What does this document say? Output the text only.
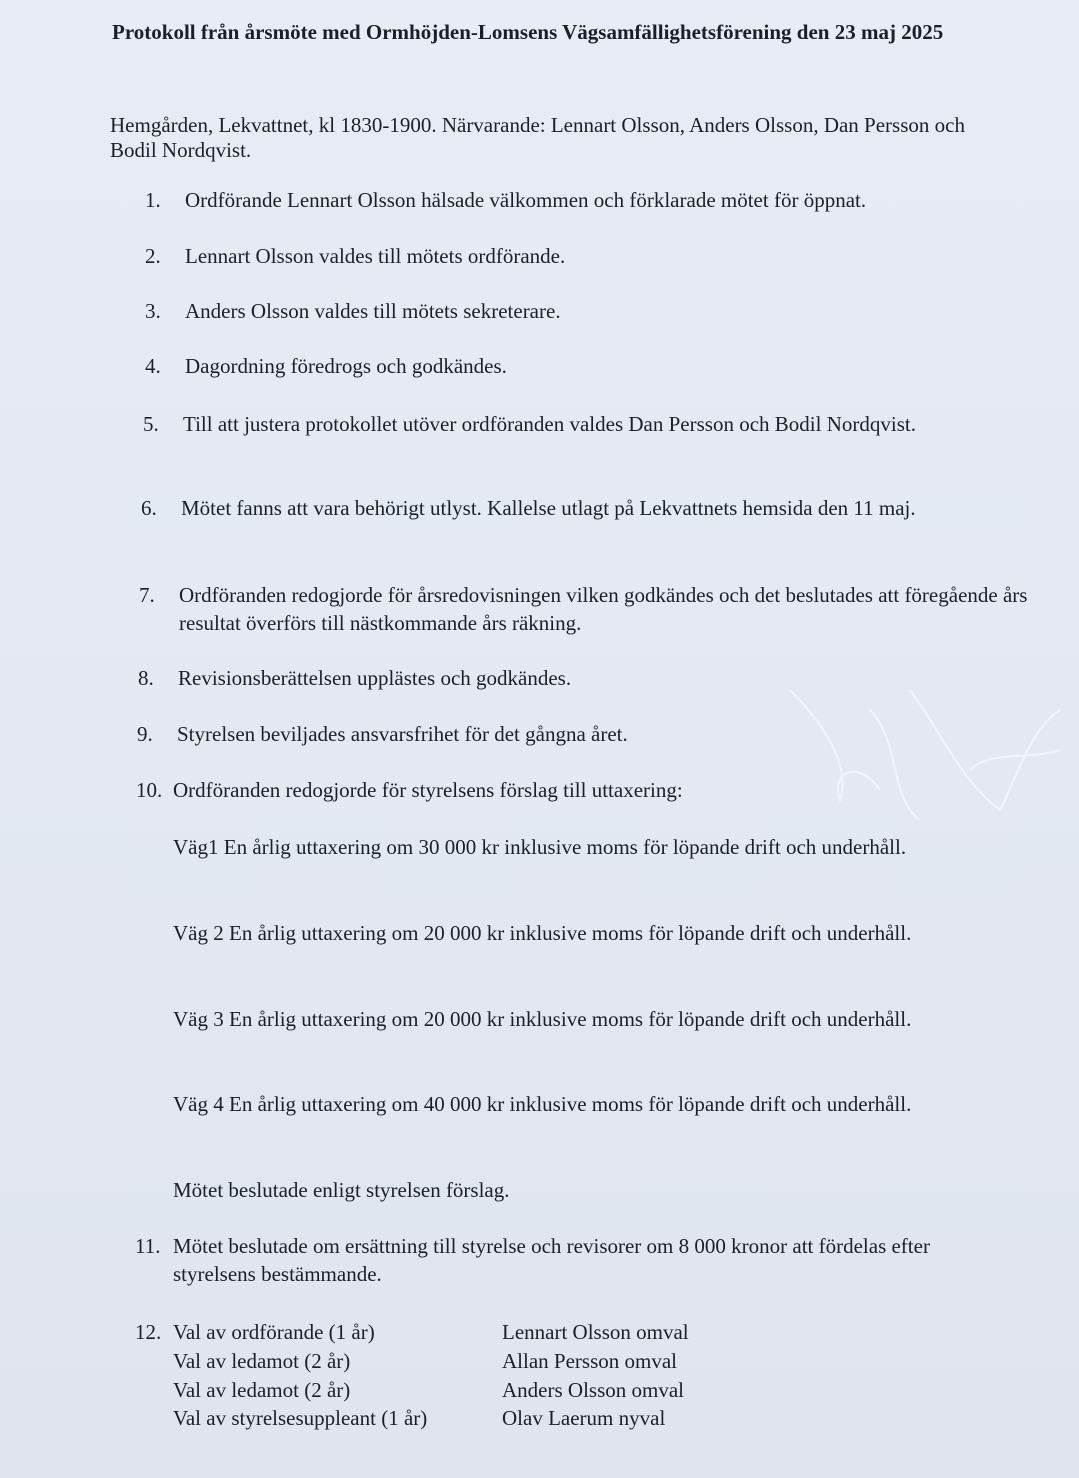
Protokoll från årsmöte med Ormhöjden-Lomsens Vägsamfällighetsförening den 23 maj 2025
Hemgården, Lekvattnet, kl 1830-1900. Närvarande: Lennart Olsson, Anders Olsson, Dan Persson och Bodil Nordqvist.
1.	Ordförande Lennart Olsson hälsade välkommen och förklarade mötet för öppnat.
2.	Lennart Olsson valdes till mötets ordförande.
3.	Anders Olsson valdes till mötets sekreterare.
4.	Dagordning föredrogs och godkändes.
5.	Till att justera protokollet utöver ordföranden valdes Dan Persson och Bodil Nordqvist.
6.	Mötet fanns att vara behörigt utlyst. Kallelse utlagt på Lekvattnets hemsida den 11 maj.
7.	Ordföranden redogjorde för årsredovisningen vilken godkändes och det beslutades att föregående års resultat överförs till nästkommande års räkning.
8.	Revisionsberättelsen upplästes och godkändes.
9.	Styrelsen beviljades ansvarsfrihet för det gångna året.
10. Ordföranden redogjorde för styrelsens förslag till uttaxering:
Väg1 En årlig uttaxering om 30 000 kr inklusive moms för löpande drift och underhåll.
Väg 2 En årlig uttaxering om 20 000 kr inklusive moms för löpande drift och underhåll.
Väg 3 En årlig uttaxering om 20 000 kr inklusive moms för löpande drift och underhåll.
Väg 4 En årlig uttaxering om 40 000 kr inklusive moms för löpande drift och underhåll.
Mötet beslutade enligt styrelsen förslag.
11. Mötet beslutade om ersättning till styrelse och revisorer om 8 000 kronor att fördelas efter styrelsens bestämmande.
12. Val av ordförande (1 år)	Lennart Olsson omval
Val av ledamot (2 år)	Allan Persson omval
Val av ledamot (2 år)	Anders Olsson omval
Val av styrelsesuppleant (1 år)	Olav Laerum nyval
